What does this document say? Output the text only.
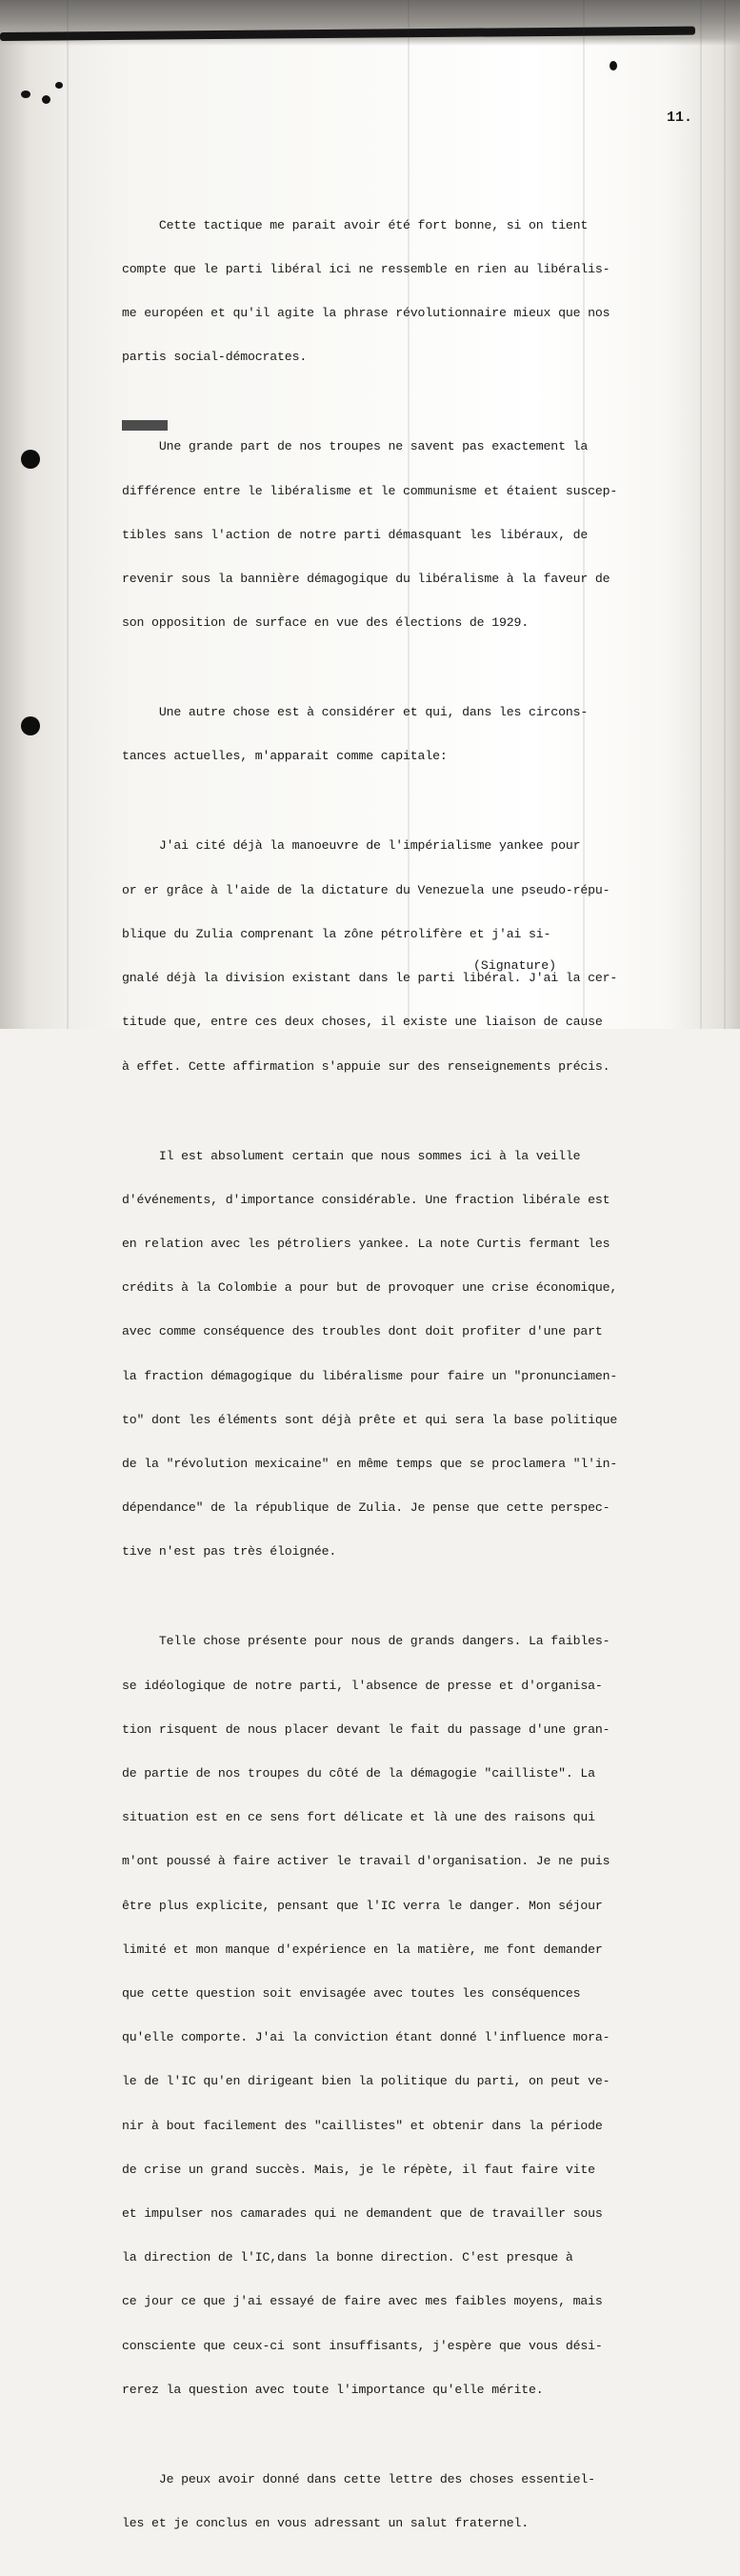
11.

Cette tactique me parait avoir été fort bonne, si on tient

compte que le parti libéral ici ne ressemble en rien au libéralis-

me européen et qu'il agite la phrase révolutionnaire mieux que nos

partis social-démocrates.

Une grande part de nos troupes ne savent pas exactement la

différence entre le libéralisme et le communisme et étaient suscep-

tibles sans l'action de notre parti démasquant les libéraux, de

revenir sous la bannière démagogique du libéralisme à la faveur de

son opposition de surface en vue des élections de 1929.

Une autre chose est à considérer et qui, dans les circons-

tances actuelles, m'apparait comme capitale:

J'ai cité déjà la manoeuvre de l'impérialisme yankee pour

or er grâce à l'aide de la dictature du Venezuela une pseudo-répu-

blique du Zulia comprenant la zône pétrolifère et j'ai si-

gnalé déjà la division existant dans le parti libéral. J'ai la cer-

titude que, entre ces deux choses, il existe une liaison de cause

à effet. Cette affirmation s'appuie sur des renseignements précis.

Il est absolument certain que nous sommes ici à la veille

d'événements, d'importance considérable. Une fraction libérale est

en relation avec les pétroliers yankee. La note Curtis fermant les

crédits à la Colombie a pour but de provoquer une crise économique,

avec comme conséquence des troubles dont doit profiter d'une part

la fraction démagogique du libéralisme pour faire un "pronunciamen-

to" dont les éléments sont déjà prête et qui sera la base politique

de la "révolution mexicaine" en même temps que se proclamera "l'in-

dépendance" de la république de Zulia. Je pense que cette perspec-

tive n'est pas très éloignée.

Telle chose présente pour nous de grands dangers. La faibles-

se idéologique de notre parti, l'absence de presse et d'organisa-

tion risquent de nous placer devant le fait du passage d'une gran-

de partie de nos troupes du côté de la démagogie "cailliste". La

situation est en ce sens fort délicate et là une des raisons qui

m'ont poussé à faire activer le travail d'organisation. Je ne puis

être plus explicite, pensant que l'IC verra le danger. Mon séjour

limité et mon manque d'expérience en la matière, me font demander

que cette question soit envisagée avec toutes les conséquences

qu'elle comporte. J'ai la conviction étant donné l'influence mora-

le de l'IC qu'en dirigeant bien la politique du parti, on peut ve-

nir à bout facilement des "caillistes" et obtenir dans la période

de crise un grand succès. Mais, je le répète, il faut faire vite

et impulser nos camarades qui ne demandent que de travailler sous

la direction de l'IC,dans la bonne direction. C'est presque à

ce jour ce que j'ai essayé de faire avec mes faibles moyens, mais

consciente que ceux-ci sont insuffisants, j'espère que vous dési-

rerez la question avec toute l'importance qu'elle mérite.

Je peux avoir donné dans cette lettre des choses essentiel-

les et je conclus en vous adressant un salut fraternel.

(Signature)
